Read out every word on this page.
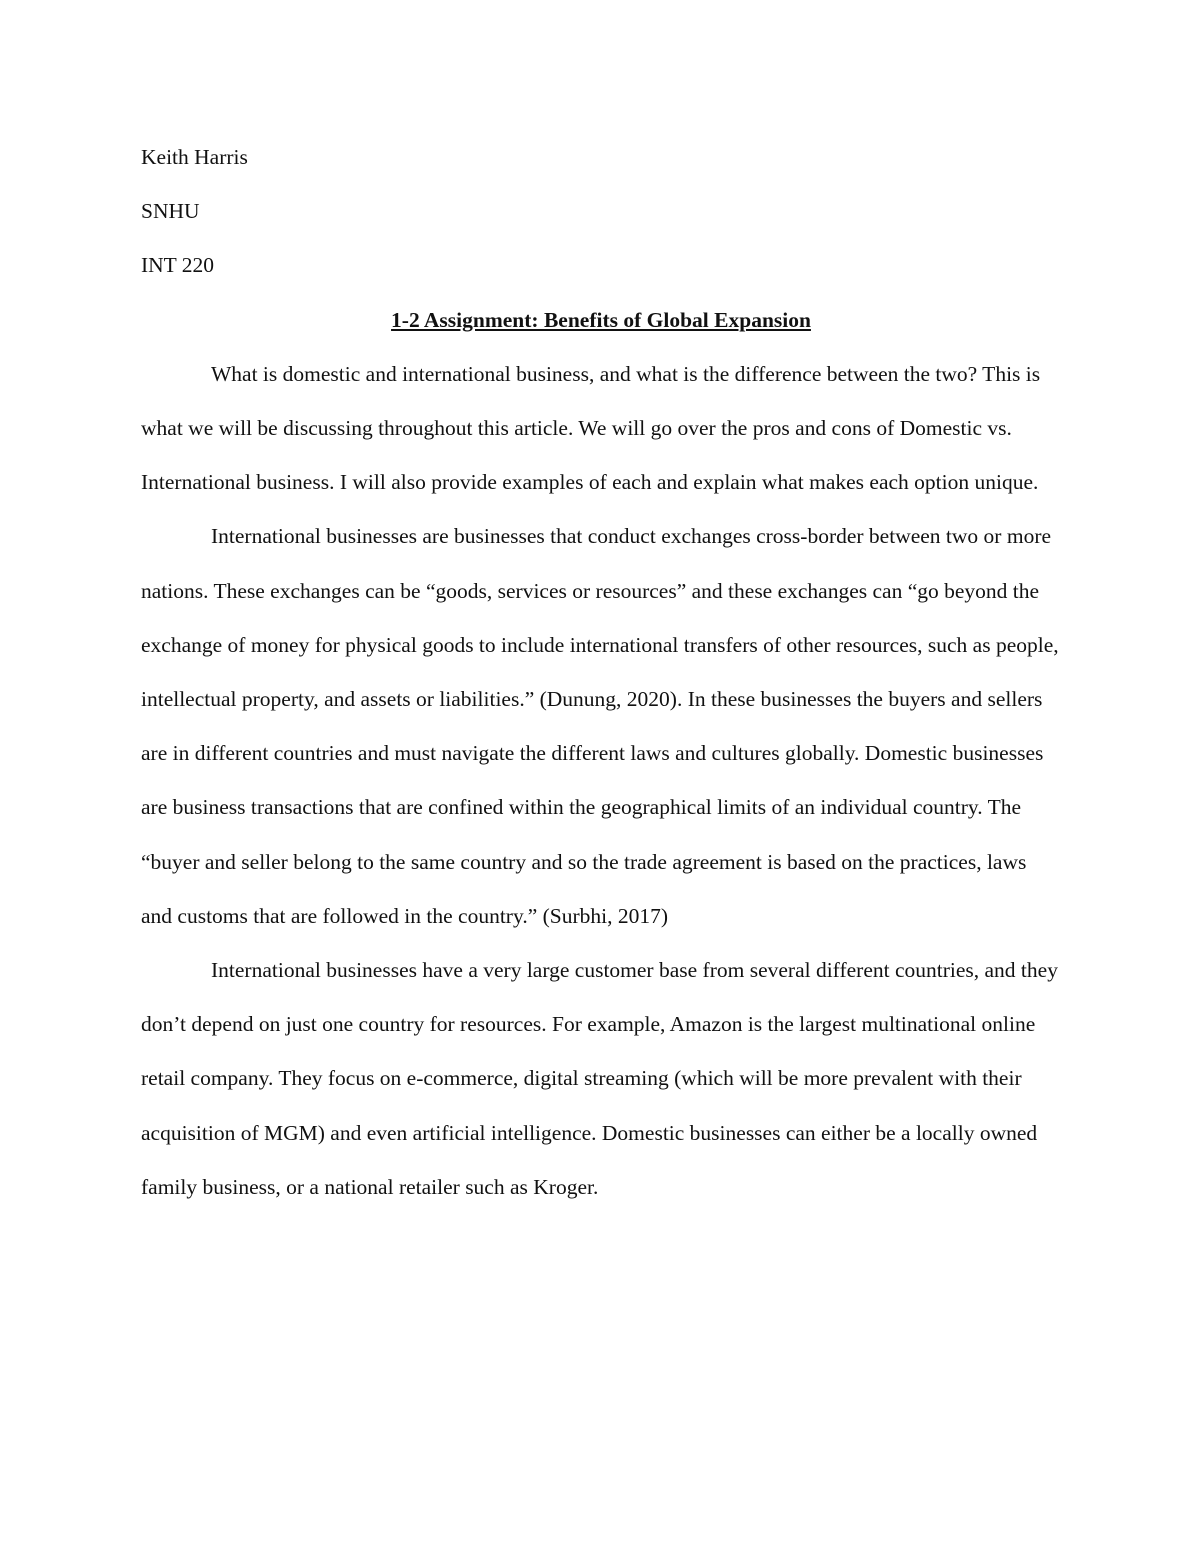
Keith Harris
SNHU
INT 220
1-2 Assignment: Benefits of Global Expansion

What is domestic and international business, and what is the difference between the two? This is what we will be discussing throughout this article. We will go over the pros and cons of Domestic vs. International business. I will also provide examples of each and explain what makes each option unique.

International businesses are businesses that conduct exchanges cross-border between two or more nations. These exchanges can be “goods, services or resources” and these exchanges can “go beyond the exchange of money for physical goods to include international transfers of other resources, such as people, intellectual property, and assets or liabilities.” (Dunung, 2020). In these businesses the buyers and sellers are in different countries and must navigate the different laws and cultures globally. Domestic businesses are business transactions that are confined within the geographical limits of an individual country. The “buyer and seller belong to the same country and so the trade agreement is based on the practices, laws and customs that are followed in the country.” (Surbhi, 2017)

International businesses have a very large customer base from several different countries, and they don’t depend on just one country for resources. For example, Amazon is the largest multinational online retail company. They focus on e-commerce, digital streaming (which will be more prevalent with their acquisition of MGM) and even artificial intelligence. Domestic businesses can either be a locally owned family business, or a national retailer such as Kroger.
